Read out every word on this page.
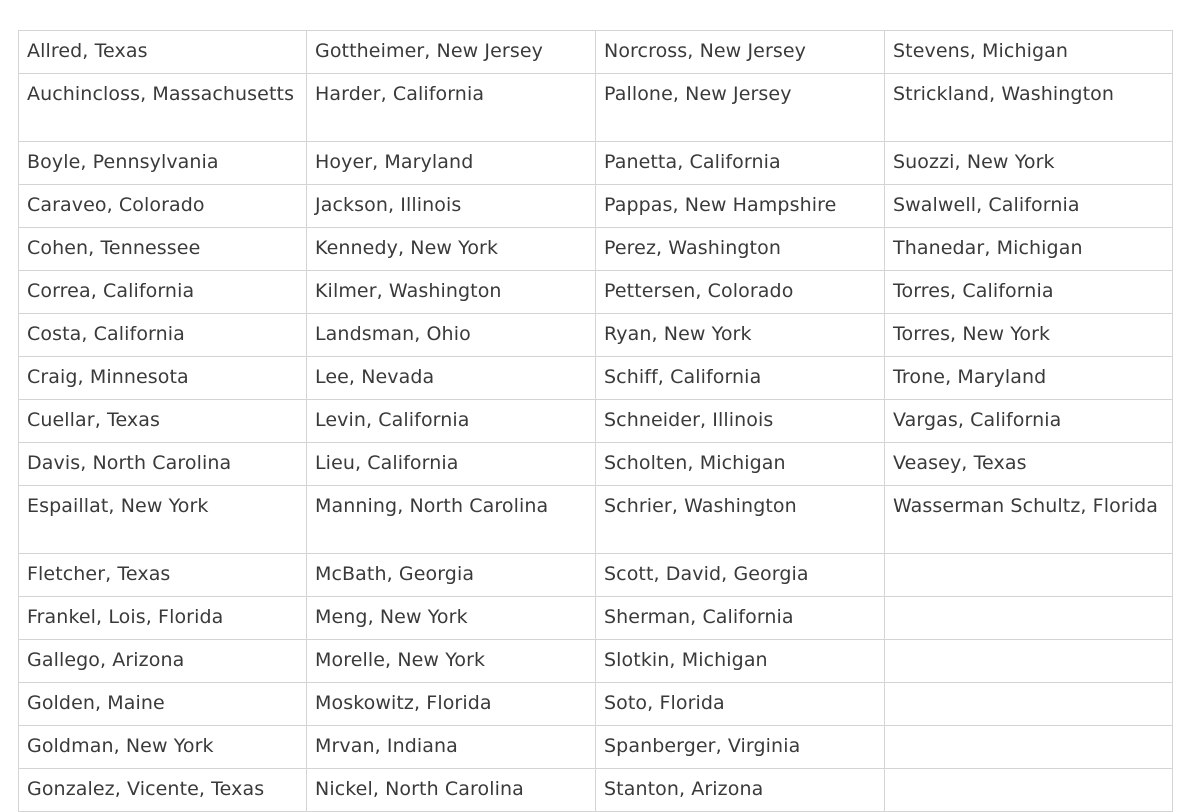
Allred, Texas	Gottheimer, New Jersey	Norcross, New Jersey	Stevens, Michigan
Auchincloss, Massachusetts	Harder, California	Pallone, New Jersey	Strickland, Washington
Boyle, Pennsylvania	Hoyer, Maryland	Panetta, California	Suozzi, New York
Caraveo, Colorado	Jackson, Illinois	Pappas, New Hampshire	Swalwell, California
Cohen, Tennessee	Kennedy, New York	Perez, Washington	Thanedar, Michigan
Correa, California	Kilmer, Washington	Pettersen, Colorado	Torres, California
Costa, California	Landsman, Ohio	Ryan, New York	Torres, New York
Craig, Minnesota	Lee, Nevada	Schiff, California	Trone, Maryland
Cuellar, Texas	Levin, California	Schneider, Illinois	Vargas, California
Davis, North Carolina	Lieu, California	Scholten, Michigan	Veasey, Texas
Espaillat, New York	Manning, North Carolina	Schrier, Washington	Wasserman Schultz, Florida
Fletcher, Texas	McBath, Georgia	Scott, David, Georgia	
Frankel, Lois, Florida	Meng, New York	Sherman, California	
Gallego, Arizona	Morelle, New York	Slotkin, Michigan	
Golden, Maine	Moskowitz, Florida	Soto, Florida	
Goldman, New York	Mrvan, Indiana	Spanberger, Virginia	
Gonzalez, Vicente, Texas	Nickel, North Carolina	Stanton, Arizona	
